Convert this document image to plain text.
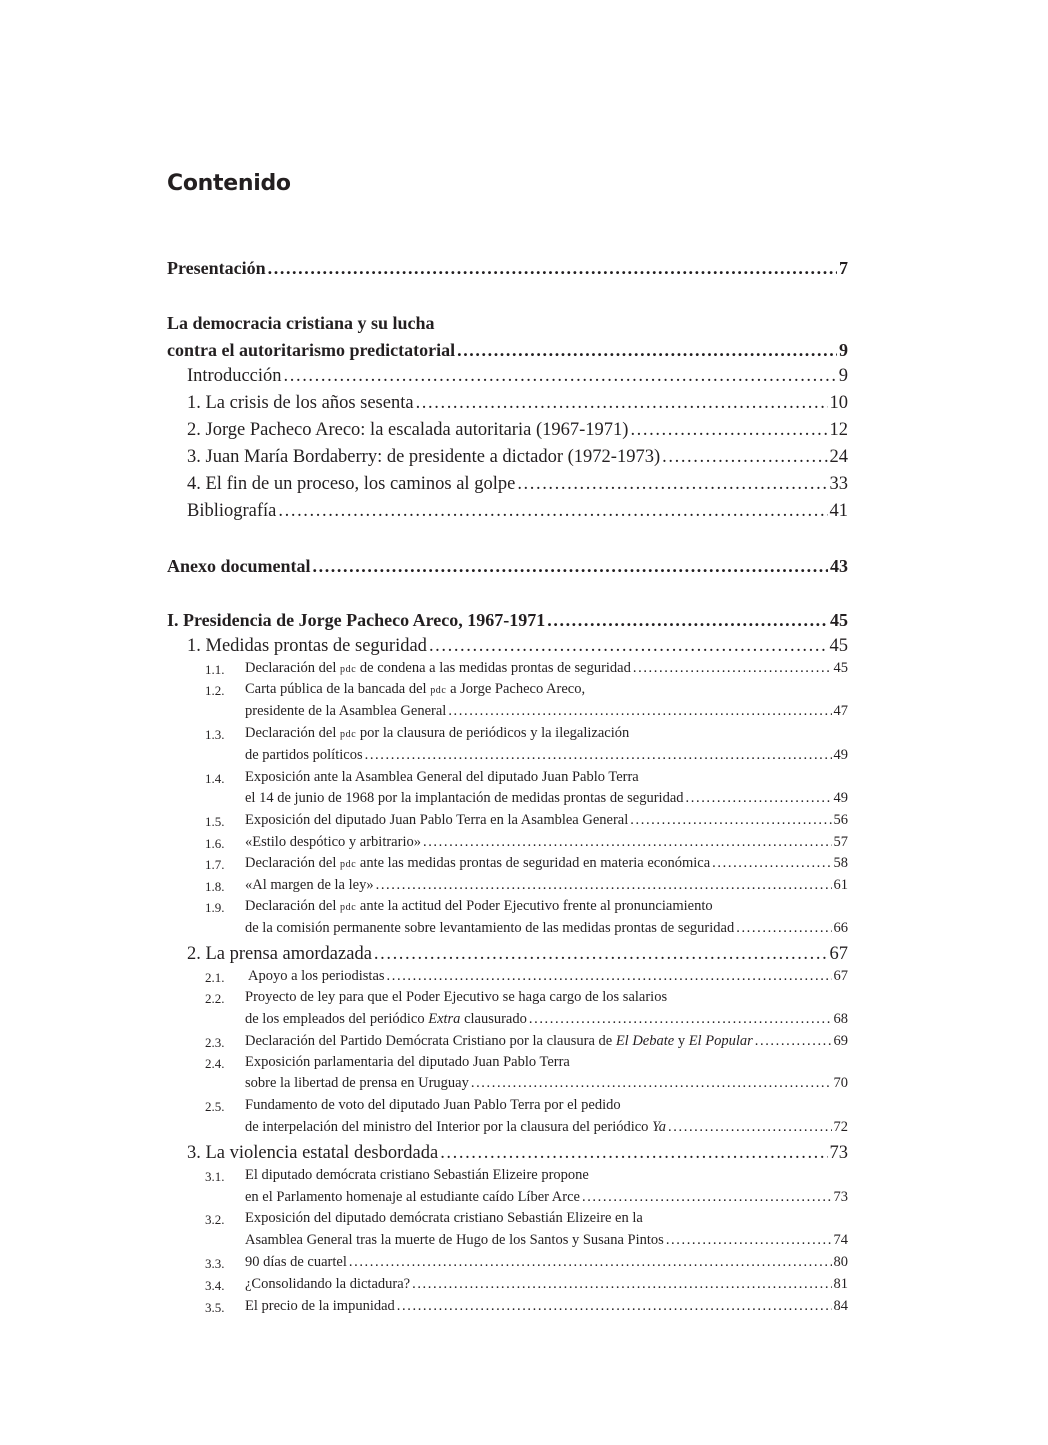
Contenido
Presentación .....	7
La democracia cristiana y su lucha
contra el autoritarismo predictatorial .....	9
Introducción .....	9
1. La crisis de los años sesenta .....	10
2. Jorge Pacheco Areco: la escalada autoritaria (1967-1971) .....	12
3. Juan María Bordaberry: de presidente a dictador (1972-1973) .....	24
4. El fin de un proceso, los caminos al golpe .....	33
Bibliografía .....	41
Anexo documental .....	43
I. Presidencia de Jorge Pacheco Areco, 1967-1971 .....	45
1. Medidas prontas de seguridad .....	45
1.1.	Declaración del pdc de condena a las medidas prontas de seguridad .....	45
1.2.	Carta pública de la bancada del pdc a Jorge Pacheco Areco,
presidente de la Asamblea General .....	47
1.3.	Declaración del pdc por la clausura de periódicos y la ilegalización
de partidos políticos .....	49
1.4.	Exposición ante la Asamblea General del diputado Juan Pablo Terra
el 14 de junio de 1968 por la implantación de medidas prontas de seguridad .....	49
1.5.	Exposición del diputado Juan Pablo Terra en la Asamblea General .....	56
1.6.	«Estilo despótico y arbitrario» .....	57
1.7.	Declaración del pdc ante las medidas prontas de seguridad en materia económica .....	58
1.8.	«Al margen de la ley» .....	61
1.9.	Declaración del pdc ante la actitud del Poder Ejecutivo frente al pronunciamiento
de la comisión permanente sobre levantamiento de las medidas prontas de seguridad .....	66
2. La prensa amordazada .....	67
2.1.	Apoyo a los periodistas .....	67
2.2.	Proyecto de ley para que el Poder Ejecutivo se haga cargo de los salarios
de los empleados del periódico Extra clausurado .....	68
2.3.	Declaración del Partido Demócrata Cristiano por la clausura de El Debate y El Popular .....	69
2.4.	Exposición parlamentaria del diputado Juan Pablo Terra
sobre la libertad de prensa en Uruguay .....	70
2.5.	Fundamento de voto del diputado Juan Pablo Terra por el pedido
de interpelación del ministro del Interior por la clausura del periódico Ya .....	72
3. La violencia estatal desbordada .....	73
3.1.	El diputado demócrata cristiano Sebastián Elizeire propone
en el Parlamento homenaje al estudiante caído Líber Arce .....	73
3.2.	Exposición del diputado demócrata cristiano Sebastián Elizeire en la
Asamblea General tras la muerte de Hugo de los Santos y Susana Pintos .....	74
3.3.	90 días de cuartel .....	80
3.4.	¿Consolidando la dictadura? .....	81
3.5.	El precio de la impunidad .....	84
